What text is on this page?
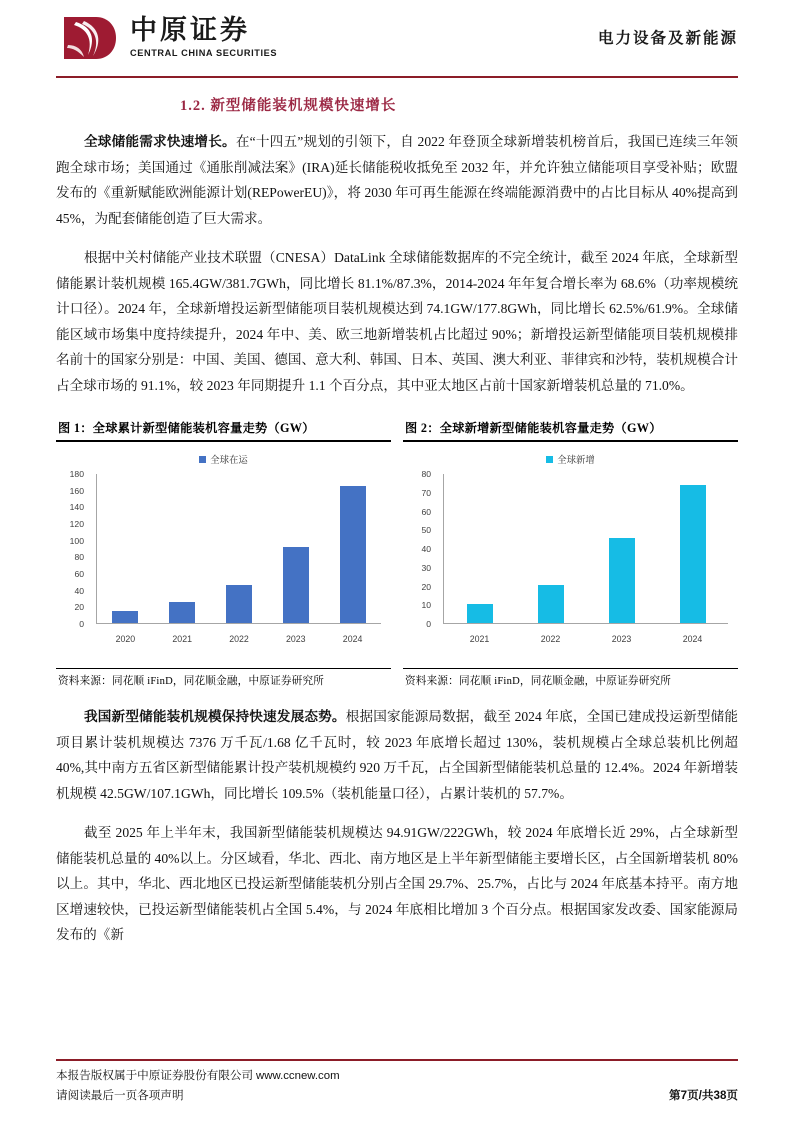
中原证券
CENTRAL CHINA SECURITIES
电力设备及新能源
1.2. 新型储能装机规模快速增长

全球储能需求快速增长。在“十四五”规划的引领下，自 2022 年登顶全球新增装机榜首后，我国已连续三年领跑全球市场；美国通过《通胀削减法案》(IRA)延长储能税收抵免至 2032 年，并允许独立储能项目享受补贴；欧盟发布的《重新赋能欧洲能源计划(REPowerEU)》，将 2030 年可再生能源在终端能源消费中的占比目标从 40%提高到 45%，为配套储能创造了巨大需求。

根据中关村储能产业技术联盟（CNESA）DataLink 全球储能数据库的不完全统计，截至 2024 年底，全球新型储能累计装机规模 165.4GW/381.7GWh，同比增长 81.1%/87.3%，2014-2024 年年复合增长率为 68.6%（功率规模统计口径）。2024 年，全球新增投运新型储能项目装机规模达到 74.1GW/177.8GWh，同比增长 62.5%/61.9%。全球储能区域市场集中度持续提升，2024 年中、美、欧三地新增装机占比超过 90%；新增投运新型储能项目装机规模排名前十的国家分别是：中国、美国、德国、意大利、韩国、日本、英国、澳大利亚、菲律宾和沙特，装机规模合计占全球市场的 91.1%，较 2023 年同期提升 1.1 个百分点，其中亚太地区占前十国家新增装机总量的 71.0%。

图 1：全球累计新型储能装机容量走势（GW）
全球在运
180
160
140
120
100
80
60
40
20
0
2020	2021	2022	2023	2024
资料来源：同花顺 iFinD，同花顺金融，中原证券研究所
图 2：全球新增新型储能装机容量走势（GW）
全球新增
80
70
60
50
40
30
20
10
0
2021	2022	2023	2024
资料来源：同花顺 iFinD，同花顺金融，中原证券研究所

我国新型储能装机规模保持快速发展态势。根据国家能源局数据，截至 2024 年底，全国已建成投运新型储能项目累计装机规模达 7376 万千瓦/1.68 亿千瓦时，较 2023 年底增长超过 130%，装机规模占全球总装机比例超 40%,其中南方五省区新型储能累计投产装机规模约 920 万千瓦，占全国新型储能装机总量的 12.4%。2024 年新增装机规模 42.5GW/107.1GWh，同比增长 109.5%（装机能量口径），占累计装机的 57.7%。

截至 2025 年上半年末，我国新型储能装机规模达 94.91GW/222GWh，较 2024 年底增长近 29%，占全球新型储能装机总量的 40%以上。分区域看，华北、西北、南方地区是上半年新型储能主要增长区，占全国新增装机 80%以上。其中，华北、西北地区已投运新型储能装机分别占全国 29.7%、25.7%，占比与 2024 年底基本持平。南方地区增速较快，已投运新型储能装机占全国 5.4%，与 2024 年底相比增加 3 个百分点。根据国家发改委、国家能源局发布的《新

本报告版权属于中原证券股份有限公司 www.ccnew.com
请阅读最后一页各项声明	第7页/共38页
